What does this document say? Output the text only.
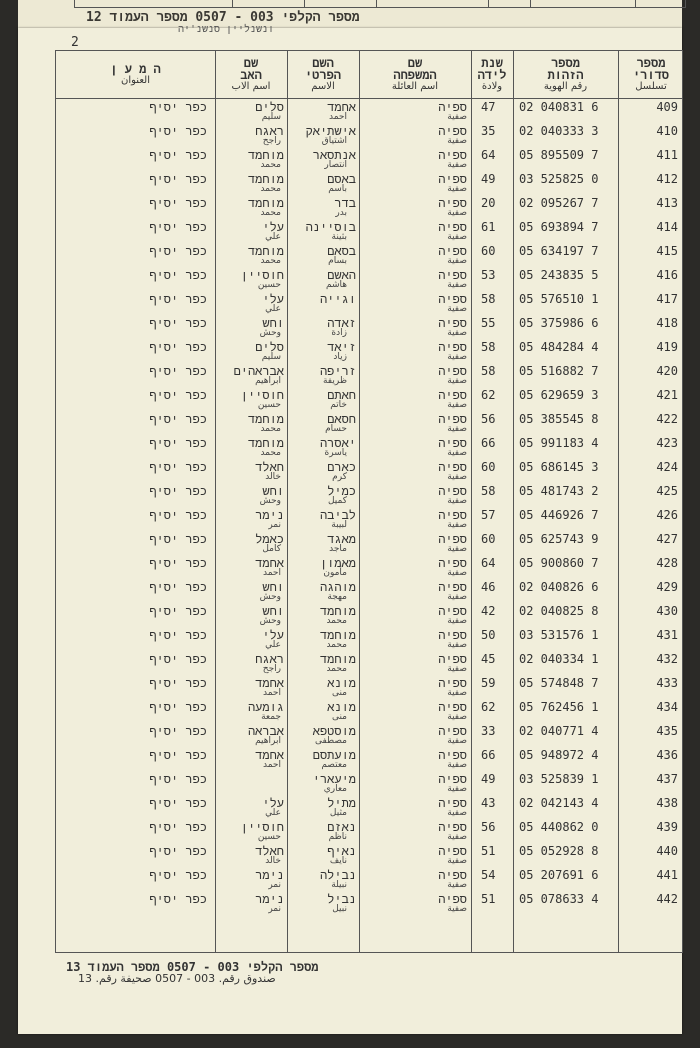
מספר הקלפי 003 - 0507 מספר העמוד 12
ונשנליין סנשנ'יה
2
מספר
סדורי
تسلسل
מספר
הזהות
رقم الهوية
שנת
לידה
ولادة
שם
המשפחה
اسم العائلة
השם
הפרטי
الاسم
שם
האב
اسم الاب
ה מ ע ן
العنوان
409
02 040831 6
47
ספיה
صفية
אחמד
احمد
סלים
سليم
כפר יסיף
410
02 040333 3
35
ספיה
صفية
אישתיאק
اشتياق
ראגח
راجح
כפר יסיף
411
05 895509 7
64
ספיה
صفية
אנתסאר
انتصار
מוחמד
محمد
כפר יסיף
412
03 525825 0
49
ספיה
صفية
באסם
باسم
מוחמד
محمد
כפר יסיף
413
02 095267 7
20
ספיה
صفية
בדר
بدر
מוחמד
محمد
כפר יסיף
414
05 693894 7
61
ספיה
صفية
בוסיינה
بثينة
עלי
علي
כפר יסיף
415
05 634197 7
60
ספיה
صفية
בסאם
بسام
מוחמד
محمد
כפר יסיף
416
05 243835 5
53
ספיה
صفية
האשם
هاشم
חוסיין
حسين
כפר יסיף
417
05 576510 1
58
ספיה
صفية
וגייה
עלי
علي
כפר יסיף
418
05 375986 6
55
ספיה
صفية
זאדה
زادة
וחש
وحش
כפר יסיף
419
05 484284 4
58
ספיה
صفية
זיאד
زياد
סלים
سليم
כפר יסיף
420
05 516882 7
58
ספיה
صفية
זריפה
ظريفة
אבראהים
ابراهيم
כפר יסיף
421
05 629659 3
62
ספיה
صفية
חאתם
خاتم
חוסיין
حسين
כפר יסיף
422
05 385545 8
56
ספיה
صفية
חסאם
حسام
מוחמד
محمد
כפר יסיף
423
05 991183 4
66
ספיה
صفية
יאסרה
ياسرة
מוחמד
محمد
כפר יסיף
424
05 686145 3
60
ספיה
صفية
כארם
كرم
חאלד
خالد
כפר יסיף
425
05 481743 2
58
ספיה
صفية
כמיל
كميل
וחש
وحش
כפר יסיף
426
05 446926 7
57
ספיה
صفية
לביבה
لبيبة
נימר
نمر
כפר יסיף
427
05 625743 9
60
ספיה
صفية
מאגד
ماجد
כאמל
كامل
כפר יסיף
428
05 900860 7
64
ספיה
صفية
מאמון
مأمون
אחמד
احمد
כפר יסיף
429
02 040826 6
46
ספיה
صفية
מוהגה
مهجة
וחש
وحش
כפר יסיף
430
02 040825 8
42
ספיה
صفية
מוחמד
محمد
וחש
وحش
כפר יסיף
431
03 531576 1
50
ספיה
صفية
מוחמד
محمد
עלי
علي
כפר יסיף
432
02 040334 1
45
ספיה
صفية
מוחמד
محمد
ראגח
راجح
כפר יסיף
433
05 574848 7
59
ספיה
صفية
מונא
منى
אחמד
احمد
כפר יסיף
434
05 762456 1
62
ספיה
صفية
מונא
منى
גומעה
جمعة
כפר יסיף
435
02 040771 4
33
ספיה
صفية
מוסטפא
مصطفى
אבראה
ابراهيم
כפר יסיף
436
05 948972 4
66
ספיה
صفية
מועתסם
معتصم
אחמד
احمد
כפר יסיף
437
03 525839 1
49
ספיה
صفية
מיעארי
معاري
כפר יסיף
438
02 042143 4
43
ספיה
صفية
מתיל
مثيل
עלי
علي
כפר יסיף
439
05 440862 0
56
ספיה
صفية
נאזם
ناظم
חוסיין
حسين
כפר יסיף
440
05 052928 8
51
ספיה
صفية
נאיף
نايف
חאלד
خالد
כפר יסיף
441
05 207691 6
54
ספיה
صفية
נבילה
نبيلة
נימר
نمر
כפר יסיף
442
05 078633 4
51
ספיה
صفية
נביל
نبيل
נימר
نمر
כפר יסיף
מספר הקלפי 003 - 0507 מספר העמוד 13
صندوق رقم. 003 - 0507 صحيفة رقم. 13
